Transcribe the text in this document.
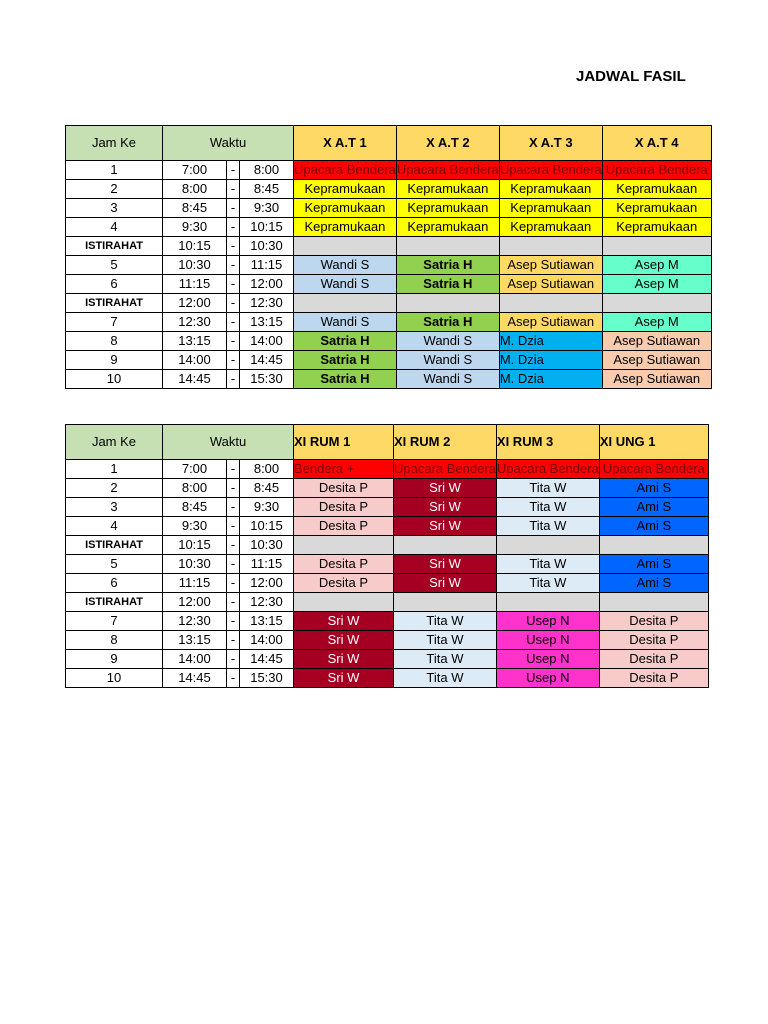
JADWAL FASIL
Jam Ke	Waktu			X A.T 1	X A.T 2	X A.T 3	X A.T 4
1	7:00	-	8:00	Upacara Bendera	Upacara Bendera	Upacara Bendera	Upacara Bendera
2	8:00	-	8:45	Kepramukaan	Kepramukaan	Kepramukaan	Kepramukaan
3	8:45	-	9:30	Kepramukaan	Kepramukaan	Kepramukaan	Kepramukaan
4	9:30	-	10:15	Kepramukaan	Kepramukaan	Kepramukaan	Kepramukaan
ISTIRAHAT	10:15	-	10:30				
5	10:30	-	11:15	Wandi S	Satria H	Asep Sutiawan	Asep M
6	11:15	-	12:00	Wandi S	Satria H	Asep Sutiawan	Asep M
ISTIRAHAT	12:00	-	12:30				
7	12:30	-	13:15	Wandi S	Satria H	Asep Sutiawan	Asep M
8	13:15	-	14:00	Satria H	Wandi S	M. Dzia	Asep Sutiawan
9	14:00	-	14:45	Satria H	Wandi S	M. Dzia	Asep Sutiawan
10	14:45	-	15:30	Satria H	Wandi S	M. Dzia	Asep Sutiawan
Jam Ke	Waktu			XI RUM 1	XI RUM 2	XI RUM 3	XI UNG 1
1	7:00	-	8:00	Bendera +	Upacara Bendera	Upacara Bendera	Upacara Bendera
2	8:00	-	8:45	Desita P	Sri W	Tita W	Ami S
3	8:45	-	9:30	Desita P	Sri W	Tita W	Ami S
4	9:30	-	10:15	Desita P	Sri W	Tita W	Ami S
ISTIRAHAT	10:15	-	10:30				
5	10:30	-	11:15	Desita P	Sri W	Tita W	Ami S
6	11:15	-	12:00	Desita P	Sri W	Tita W	Ami S
ISTIRAHAT	12:00	-	12:30				
7	12:30	-	13:15	Sri W	Tita W	Usep N	Desita P
8	13:15	-	14:00	Sri W	Tita W	Usep N	Desita P
9	14:00	-	14:45	Sri W	Tita W	Usep N	Desita P
10	14:45	-	15:30	Sri W	Tita W	Usep N	Desita P
